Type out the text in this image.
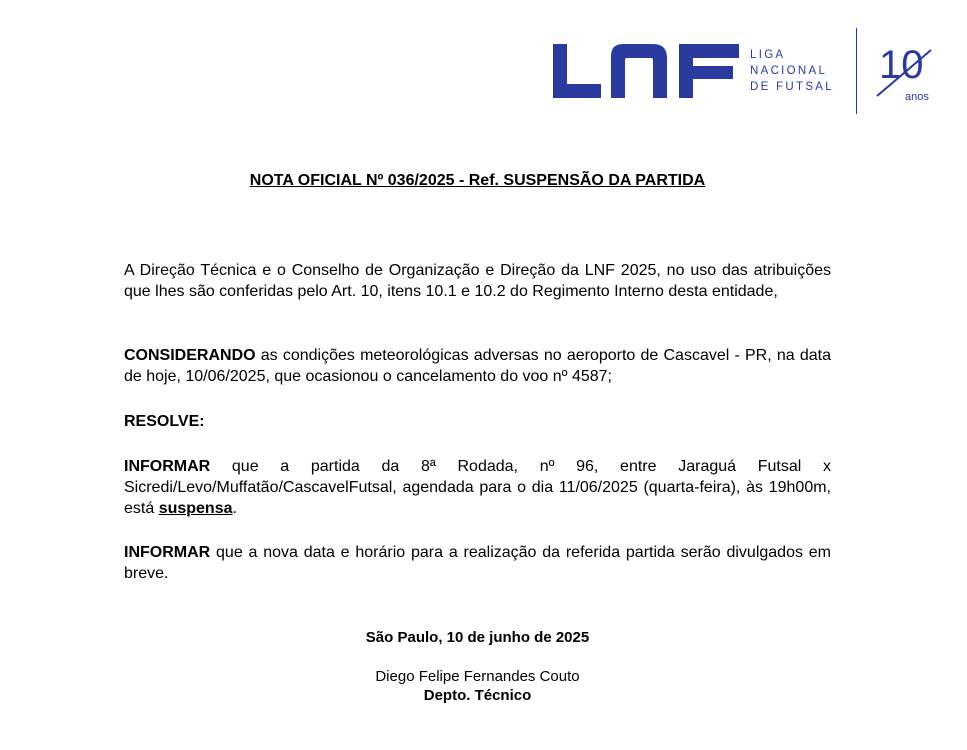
LIGA
NACIONAL
DE FUTSAL 10
anos
NOTA OFICIAL Nº 036/2025 - Ref. SUSPENSÃO DA PARTIDA
A Direção Técnica e o Conselho de Organização e Direção da LNF 2025, no uso das atribuições que lhes são conferidas pelo Art. 10, itens 10.1 e 10.2 do Regimento Interno desta entidade,
CONSIDERANDO as condições meteorológicas adversas no aeroporto de Cascavel - PR, na data de hoje, 10/06/2025, que ocasionou o cancelamento do voo nº 4587;
RESOLVE:
INFORMAR que a partida da 8ª Rodada, nº 96, entre Jaraguá Futsal x Sicredi/Levo/Muffatão/CascavelFutsal, agendada para o dia 11/06/2025 (quarta-feira), às 19h00m, está suspensa.
INFORMAR que a nova data e horário para a realização da referida partida serão divulgados em breve.
São Paulo, 10 de junho de 2025
Diego Felipe Fernandes Couto
Depto. Técnico
